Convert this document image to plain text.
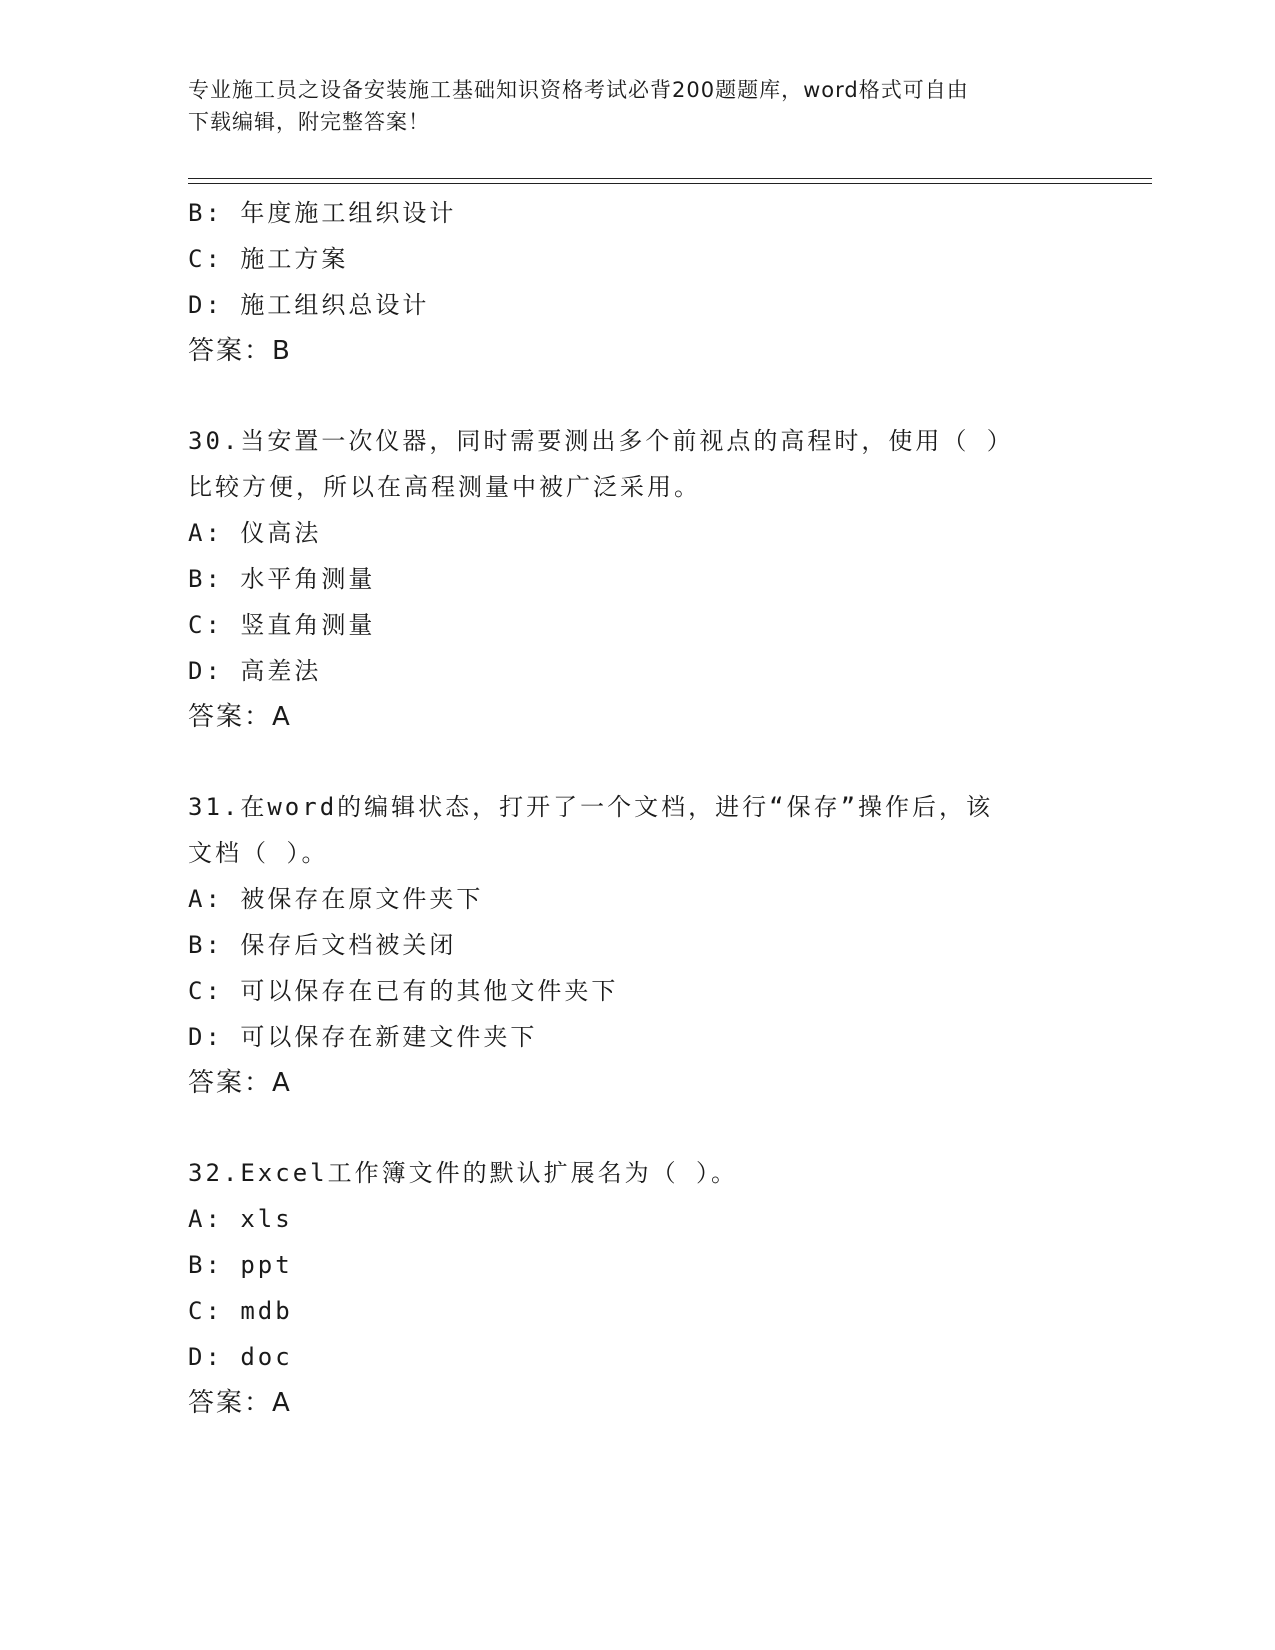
专业施工员之设备安装施工基础知识资格考试必背200题题库，word格式可自由
下载编辑，附完整答案！
B: 年度施工组织设计
C: 施工方案
D: 施工组织总设计
答案：B
30.当安置一次仪器，同时需要测出多个前视点的高程时，使用（ ）
比较方便，所以在高程测量中被广泛采用。
A: 仪高法
B: 水平角测量
C: 竖直角测量
D: 高差法
答案：A
31.在word的编辑状态，打开了一个文档，进行“保存”操作后，该
文档（ ）。
A: 被保存在原文件夹下
B: 保存后文档被关闭
C: 可以保存在已有的其他文件夹下
D: 可以保存在新建文件夹下
答案：A
32.Excel工作簿文件的默认扩展名为（ ）。
A: xls
B: ppt
C: mdb
D: doc
答案：A
